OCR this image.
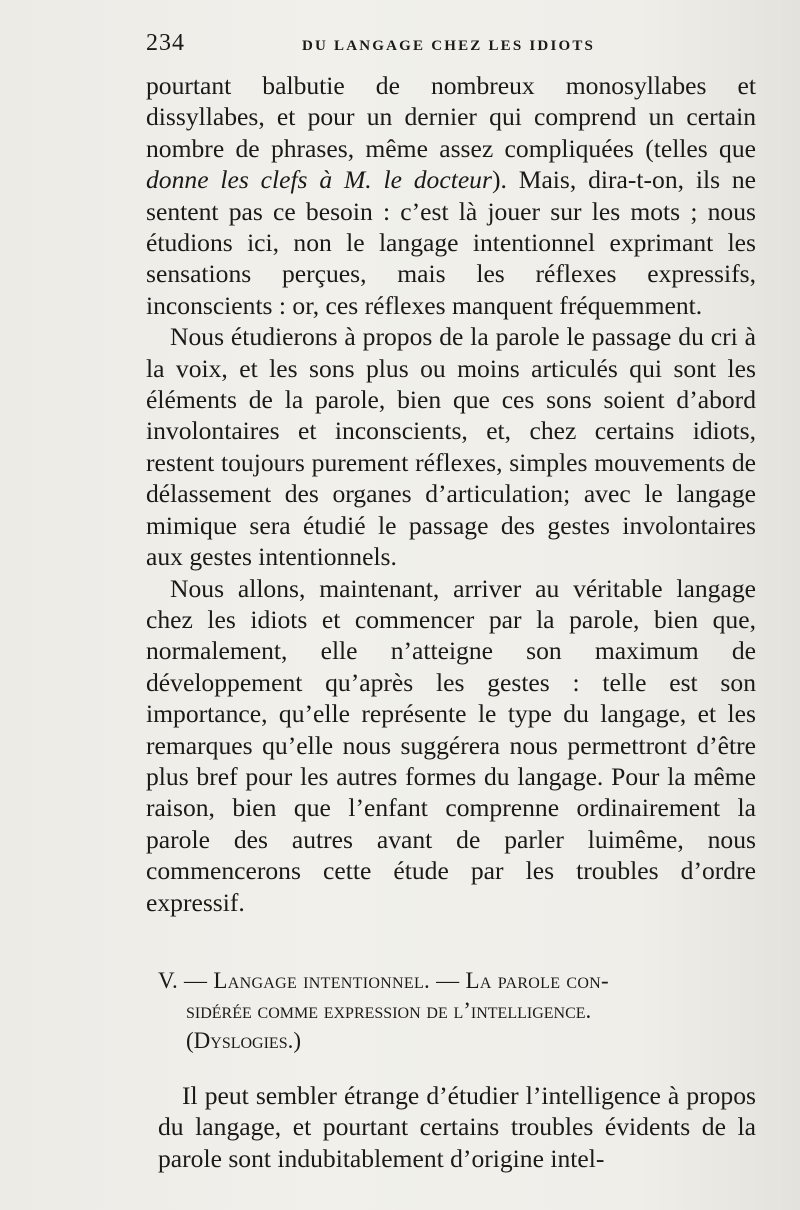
234	DU LANGAGE CHEZ LES IDIOTS

pourtant balbutie de nombreux monosyllabes et dissyllabes, et pour un dernier qui comprend un certain nombre de phrases, même assez compliquées (telles que donne les clefs à M. le docteur). Mais, dira-t-on, ils ne sentent pas ce besoin : c’est là jouer sur les mots ; nous étudions ici, non le langage intentionnel exprimant les sensations perçues, mais les réflexes expressifs, inconscients : or, ces réflexes manquent fréquemment.

Nous étudierons à propos de la parole le passage du cri à la voix, et les sons plus ou moins articulés qui sont les éléments de la parole, bien que ces sons soient d’abord involontaires et inconscients, et, chez certains idiots, restent toujours purement réflexes, simples mouvements de délassement des organes d’articulation; avec le langage mimique sera étudié le passage des gestes involontaires aux gestes intentionnels.

Nous allons, maintenant, arriver au véritable langage chez les idiots et commencer par la parole, bien que, normalement, elle n’atteigne son maximum de développement qu’après les gestes : telle est son importance, qu’elle représente le type du langage, et les remarques qu’elle nous suggérera nous permettront d’être plus bref pour les autres formes du langage. Pour la même raison, bien que l’enfant comprenne ordinairement la parole des autres avant de parler luimême, nous commencerons cette étude par les troubles d’ordre expressif.

V. — Langage intentionnel. — La parole con-
sidérée comme expression de l’intelligence.
(Dyslogies.)

Il peut sembler étrange d’étudier l’intelligence à propos du langage, et pourtant certains troubles évidents de la parole sont indubitablement d’origine intel-
